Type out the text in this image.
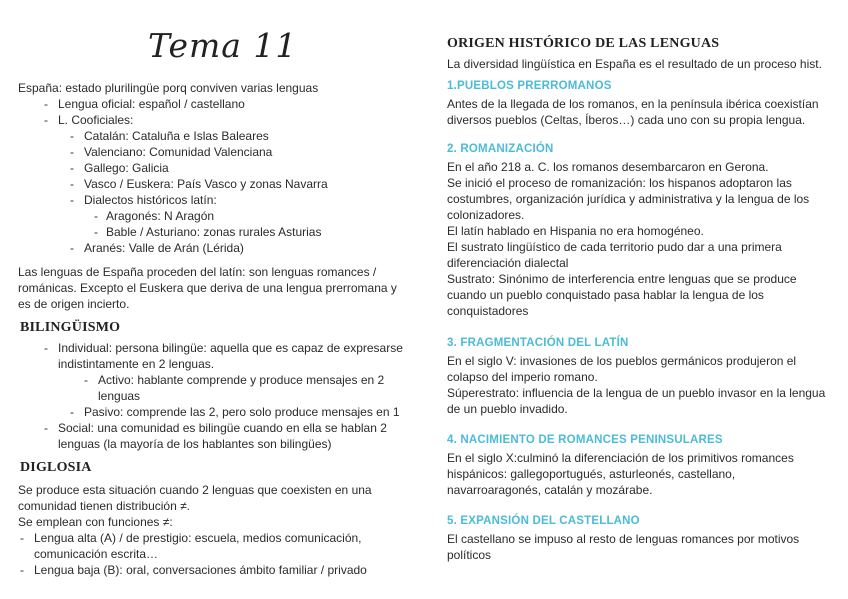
Tema 11

España: estado plurilingüe porq conviven varias lenguas

- Lengua oficial: español / castellano

- L. Cooficiales:

- Catalán: Cataluña e Islas Baleares

- Valenciano: Comunidad Valenciana

- Gallego: Galicia

- Vasco / Euskera: País Vasco y zonas Navarra

- Dialectos históricos latín:

- Aragonés: N Aragón

- Bable / Asturiano: zonas rurales Asturias

- Aranés: Valle de Arán (Lérida)

Las lenguas de España proceden del latín: son lenguas romances /
románicas. Excepto el Euskera que deriva de una lengua prerromana y
es de origen incierto.

BILINGÜISMO
- Individual: persona bilingüe: aquella que es capaz de expresarse
indistintamente en 2 lenguas.

- Activo: hablante comprende y produce mensajes en 2
lenguas

- Pasivo: comprende las 2, pero solo produce mensajes en 1

- Social: una comunidad es bilingüe cuando en ella se hablan 2
lenguas (la mayoría de los hablantes son bilingües)

DIGLOSIA

Se produce esta situación cuando 2 lenguas que coexisten en una
comunidad tienen distribución ≠.
Se emplean con funciones ≠:

- Lengua alta (A) / de prestigio: escuela, medios comunicación,
comunicación escrita…

- Lengua baja (B): oral, conversaciones ámbito familiar / privado

ORIGEN HISTÓRICO DE LAS LENGUAS

La diversidad lingüística en España es el resultado de un proceso hist.

1.PUEBLOS PRERROMANOS

Antes de la llegada de los romanos, en la península ibérica coexistían
diversos pueblos (Celtas, Íberos…) cada uno con su propia lengua.

2. ROMANIZACIÓN

En el año 218 a. C. los romanos desembarcaron en Gerona.
Se inició el proceso de romanización: los hispanos adoptaron las
costumbres, organización jurídica y administrativa y la lengua de los
colonizadores.
El latín hablado en Hispania no era homogéneo.
El sustrato lingüístico de cada territorio pudo dar a una primera
diferenciación dialectal
Sustrato: Sinónimo de interferencia entre lenguas que se produce
cuando un pueblo conquistado pasa hablar la lengua de los
conquistadores

3. FRAGMENTACIÓN DEL LATÍN

En el siglo V: invasiones de los pueblos germánicos produjeron el
colapso del imperio romano.
Súperestrato: influencia de la lengua de un pueblo invasor en la lengua
de un pueblo invadido.

4. NACIMIENTO DE ROMANCES PENINSULARES

En el siglo X:culminó la diferenciación de los primitivos romances
hispánicos: gallegoportugués, asturleonés, castellano,
navarroaragonés, catalán y mozárabe.

5. EXPANSIÓN DEL CASTELLANO

El castellano se impuso al resto de lenguas romances por motivos
políticos
